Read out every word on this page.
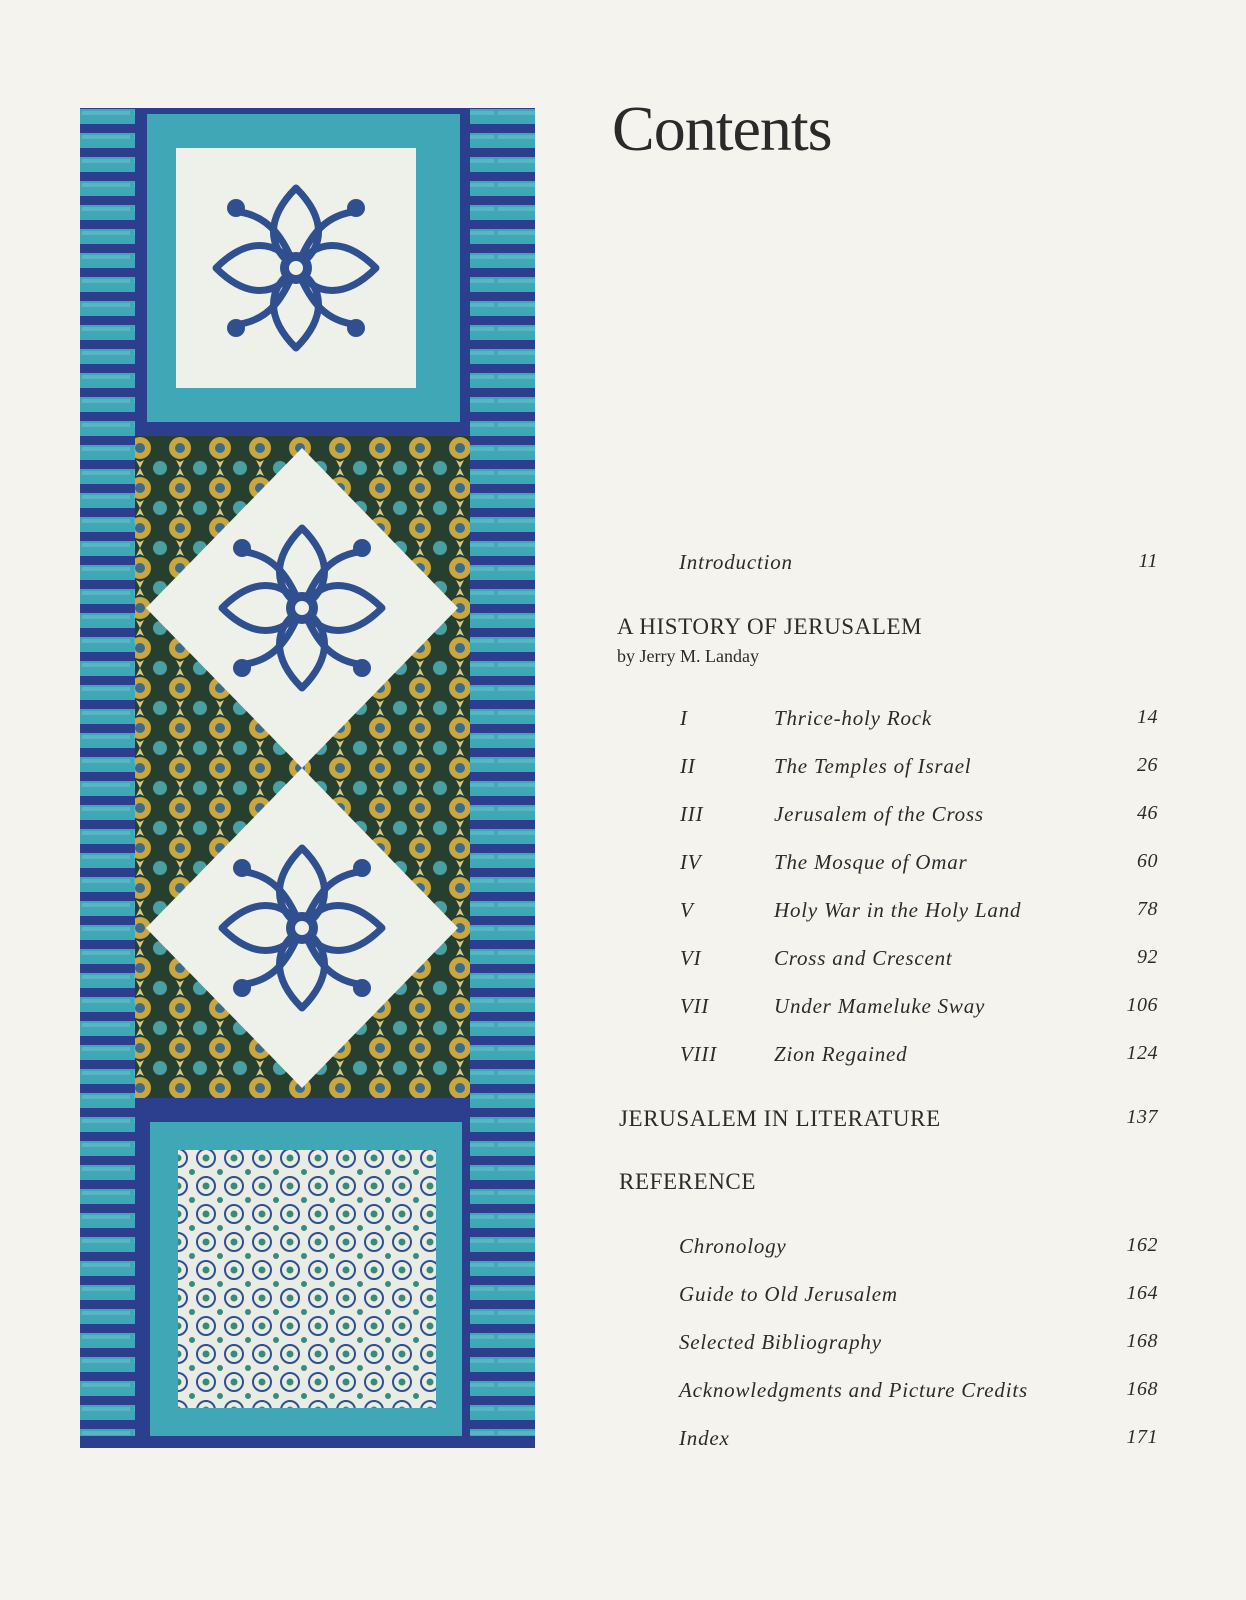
Contents
Introduction	11
A HISTORY OF JERUSALEM
by Jerry M. Landay
I	Thrice-holy Rock	14
II	The Temples of Israel	26
III	Jerusalem of the Cross	46
IV	The Mosque of Omar	60
V	Holy War in the Holy Land	78
VI	Cross and Crescent	92
VII	Under Mameluke Sway	106
VIII	Zion Regained	124
JERUSALEM IN LITERATURE	137
REFERENCE
Chronology	162
Guide to Old Jerusalem	164
Selected Bibliography	168
Acknowledgments and Picture Credits	168
Index	171
